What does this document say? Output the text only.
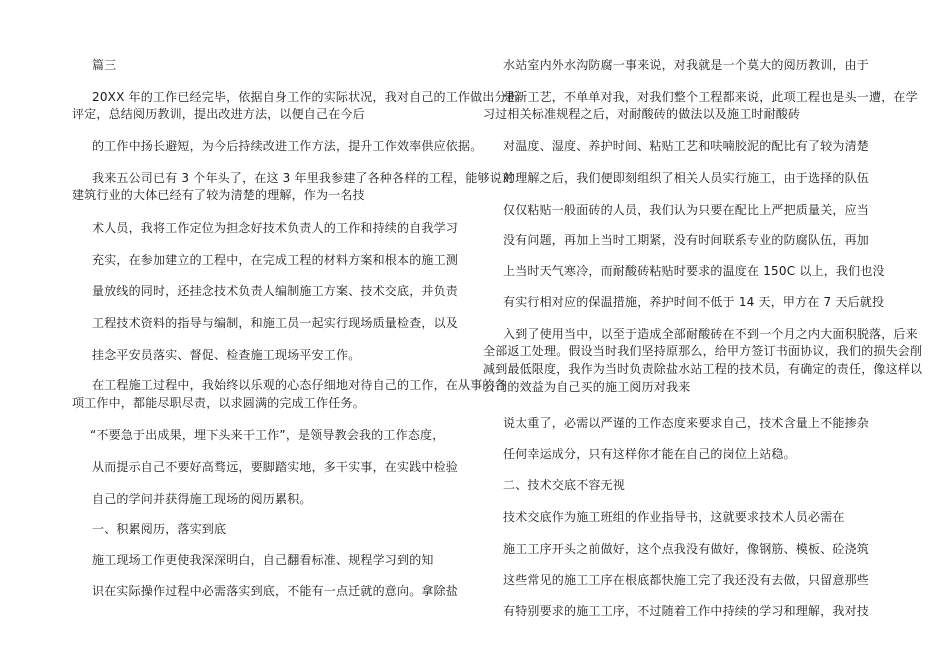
篇三
20XX 年的工作已经完毕，依据自身工作的实际状况，我对自己的工作做出分析
评定，总结阅历教训，提出改进方法，以便自己在今后
的工作中扬长避短，为今后持续改进工作方法，提升工作效率供应依据。
我来五公司已有 3 个年头了，在这 3 年里我参建了各种各样的工程，能够说对
建筑行业的大体已经有了较为清楚的理解，作为一名技
术人员，我将工作定位为担念好技术负责人的工作和持续的自我学习
充实，在参加建立的工程中，在完成工程的材料方案和根本的施工测
量放线的同时，还挂念技术负责人编制施工方案、技术交底，并负责
工程技术资料的指导与编制，和施工员一起实行现场质量检查，以及
挂念平安员落实、督促、检查施工现场平安工作。
在工程施工过程中，我始终以乐观的心态仔细地对待自己的工作，在从事的各
项工作中，都能尽职尽责，以求圆满的完成工作任务。
“不要急于出成果，埋下头来干工作”，是领导教会我的工作态度，
从而提示自己不要好高骛远，要脚踏实地，多干实事，在实践中检验
自己的学问并获得施工现场的阅历累积。
一、积累阅历，落实到底
施工现场工作更使我深深明白，自己翻看标准、规程学习到的知
识在实际操作过程中必需落实到底，不能有一点迁就的意向。拿除盐
水站室内外水沟防腐一事来说，对我就是一个莫大的阅历教训，由于
是新工艺，不单单对我，对我们整个工程都来说，此项工程也是头一遭，在学
习过相关标准规程之后，对耐酸砖的做法以及施工时耐酸砖
对温度、湿度、养护时间、粘贴工艺和呋喃胶泥的配比有了较为清楚
的理解之后，我们便即刻组织了相关人员实行施工，由于选择的队伍
仅仅粘贴一般面砖的人员，我们认为只要在配比上严把质量关，应当
没有问题，再加上当时工期紧，没有时间联系专业的防腐队伍，再加
上当时天气寒冷，而耐酸砖粘贴时要求的温度在 150C 以上，我们也没
有实行相对应的保温措施，养护时间不低于 14 天，甲方在 7 天后就投
入到了使用当中，以至于造成全部耐酸砖在不到一个月之内大面积脱落，后来
全部返工处理。假设当时我们坚持原那么，给甲方签订书面协议，我们的损失会削
减到最低限度，我作为当时负责除盐水站工程的技术员，有确定的责任，像这样以
公司的效益为自己买的施工阅历对我来
说太重了，必需以严谨的工作态度来要求自己，技术含量上不能掺杂
任何幸运成分，只有这样你才能在自己的岗位上站稳。
二、技术交底不容无视
技术交底作为施工班组的作业指导书，这就要求技术人员必需在
施工工序开头之前做好，这个点我没有做好，像钢筋、模板、砼浇筑
这些常见的施工工序在根底都快施工完了我还没有去做，只留意那些
有特别要求的施工工序，不过随着工作中持续的学习和理解，我对技
